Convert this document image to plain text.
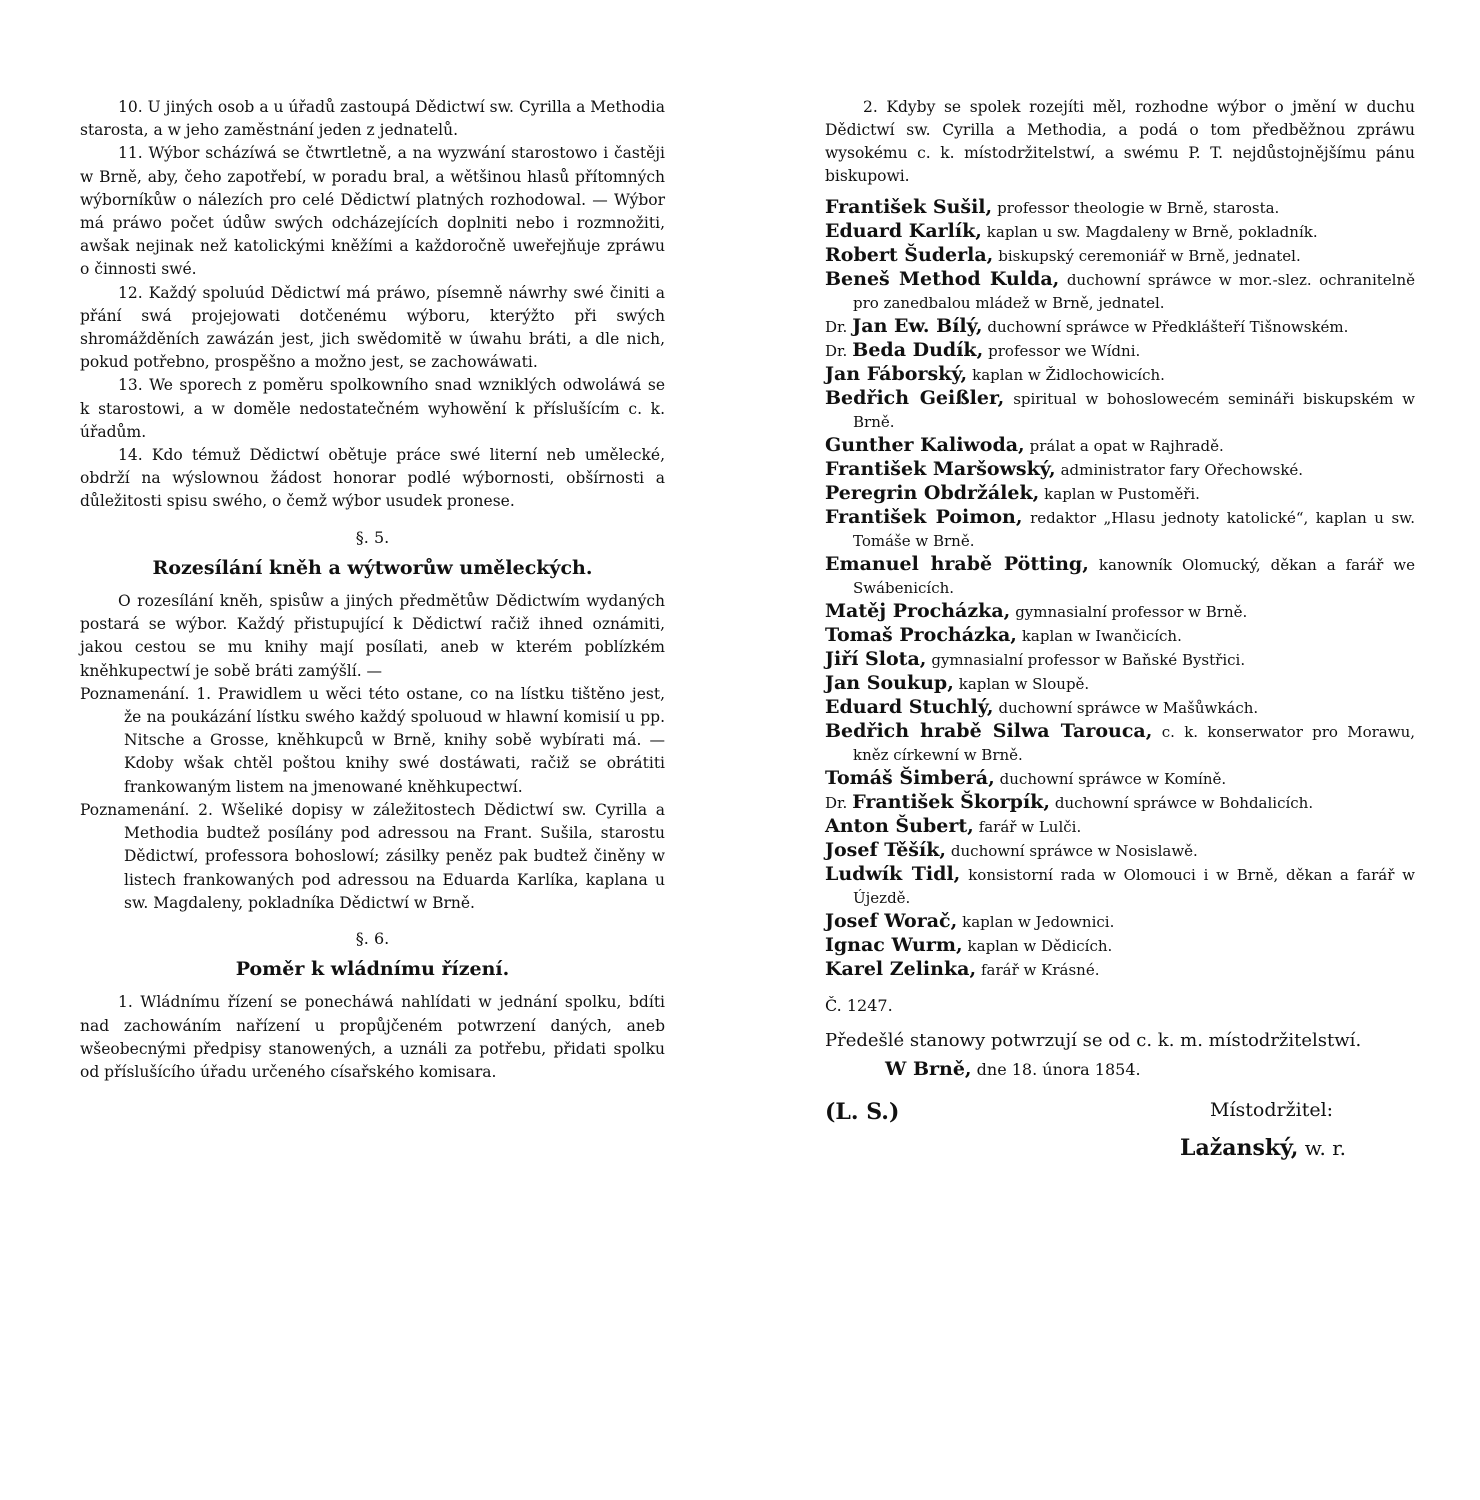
10. U jiných osob a u úřadů zastoupá Dědictwí sw. Cyrilla a Methodia starosta, a w jeho zaměstnání jeden z jednatelů.

11. Wýbor scházíwá se čtwrtletně, a na wyzwání starostowo i častěji w Brně, aby, čeho zapotřebí, w poradu bral, a wětšinou hlasů přítomných wýborníkůw o nálezích pro celé Dědictwí platných rozhodowal. — Wýbor má práwo počet údůw swých odcházejících doplniti nebo i rozmnožiti, awšak nejinak než katolickými kněžími a každoročně uweřejňuje zpráwu o činnosti swé.

12. Každý spoluúd Dědictwí má práwo, písemně náwrhy swé činiti a přání swá projejowati dotčenému wýboru, kterýžto při swých shromážděních zawázán jest, jich swědomitě w úwahu bráti, a dle nich, pokud potřebno, prospěšno a možno jest, se zachowáwati.

13. We sporech z poměru spolkowního snad wzniklých odwoláwá se k starostowi, a w doměle nedostatečném wyhowění k příslušícím c. k. úřadům.

14. Kdo témuž Dědictwí obětuje práce swé literní neb umělecké, obdrží na wýslownou žádost honorar podlé wýbornosti, obšírnosti a důležitosti spisu swého, o čemž wýbor usudek pronese.

§. 5.
Rozesílání kněh a wýtworůw uměleckých.

O rozesílání kněh, spisůw a jiných předmětůw Dědictwím wydaných postará se wýbor. Každý přistupující k Dědictwí račiž ihned oznámiti, jakou cestou se mu knihy mají posílati, aneb w kterém poblízkém kněhkupectwí je sobě bráti zamýšlí. —

Poznamenání. 1. Prawidlem u wěci této ostane, co na lístku tištěno jest, že na poukázání lístku swého každý spoluoud w hlawní komisií u pp. Nitsche a Grosse, kněhkupců w Brně, knihy sobě wybírati má. — Kdoby wšak chtěl poštou knihy swé dostáwati, račiž se obrátiti frankowaným listem na jmenowané kněhkupectwí.

Poznamenání. 2. Wšeliké dopisy w záležitostech Dědictwí sw. Cyrilla a Methodia budtež posílány pod adressou na Frant. Sušila, starostu Dědictwí, professora bohoslowí; zásilky peněz pak budtež činěny w listech frankowaných pod adressou na Eduarda Karlíka, kaplana u sw. Magdaleny, pokladníka Dědictwí w Brně.

§. 6.
Poměr k wládnímu řízení.

1. Wládnímu řízení se ponecháwá nahlídati w jednání spolku, bdíti nad zachowáním nařízení u propůjčeném potwrzení daných, aneb wšeobecnými předpisy stanowených, a uználi za potřebu, přidati spolku od příslušícího úřadu určeného císařského komisara.

2. Kdyby se spolek rozejíti měl, rozhodne wýbor o jmění w duchu Dědictwí sw. Cyrilla a Methodia, a podá o tom předběžnou zpráwu wysokému c. k. místodržitelstwí, a swému P. T. nejdůstojnějšímu pánu biskupowi.

František Sušil, professor theologie w Brně, starosta.

Eduard Karlík, kaplan u sw. Magdaleny w Brně, pokladník.

Robert Šuderla, biskupský ceremoniář w Brně, jednatel.

Beneš Method Kulda, duchowní spráwce w mor.-slez. ochranitelně pro zanedbalou mládež w Brně, jednatel.

Dr. Jan Ew. Bílý, duchowní spráwce w Předklášteří Tišnowském.

Dr. Beda Dudík, professor we Wídni.

Jan Fáborský, kaplan w Židlochowicích.

Bedřich Geißler, spiritual w bohoslowecém semináři biskupském w Brně.

Gunther Kaliwoda, prálat a opat w Rajhradě.

František Maršowský, administrator fary Ořechowské.

Peregrin Obdržálek, kaplan w Pustoměři.

František Poimon, redaktor „Hlasu jednoty katolické“, kaplan u sw. Tomáše w Brně.

Emanuel hrabě Pötting, kanowník Olomucký, děkan a farář we Swábenicích.

Matěj Procházka, gymnasialní professor w Brně.

Tomaš Procházka, kaplan w Iwančicích.

Jiří Slota, gymnasialní professor w Baňské Bystřici.

Jan Soukup, kaplan w Sloupě.

Eduard Stuchlý, duchowní spráwce w Mašůwkách.

Bedřich hrabě Silwa Tarouca, c. k. konserwator pro Morawu, kněz církewní w Brně.

Tomáš Šimberá, duchowní spráwce w Komíně.

Dr. František Škorpík, duchowní spráwce w Bohdalicích.

Anton Šubert, farář w Lulči.

Josef Těšík, duchowní spráwce w Nosislawě.

Ludwík Tidl, konsistorní rada w Olomouci i w Brně, děkan a farář w Újezdě.

Josef Worač, kaplan w Jedownici.

Ignac Wurm, kaplan w Dědicích.

Karel Zelinka, farář w Krásné.

Č. 1247.
Předešlé stanowy potwrzují se od c. k. m. místodržitelstwí.
W Brně, dne 18. února 1854.
(L. S.)	Místodržitel:
Lažanský, w. r.
